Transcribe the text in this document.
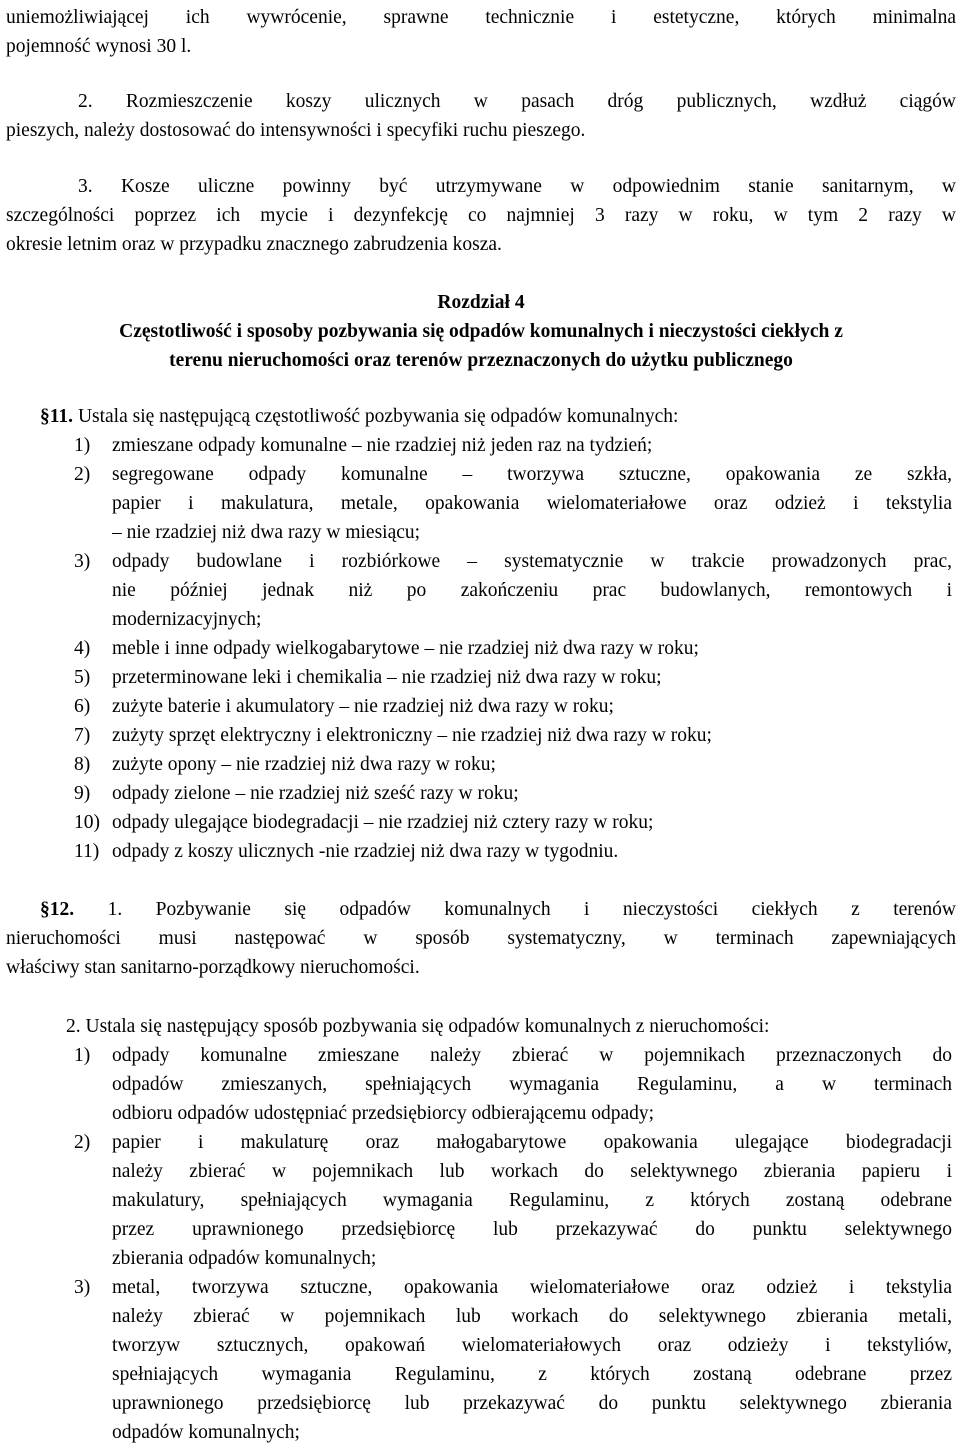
uniemożliwiającej ich wywrócenie, sprawne technicznie i estetyczne, których minimalna
pojemność wynosi 30 l.
2. Rozmieszczenie koszy ulicznych w pasach dróg publicznych, wzdłuż ciągów
pieszych, należy dostosować do intensywności i specyfiki ruchu pieszego.
3. Kosze uliczne powinny być utrzymywane w odpowiednim stanie sanitarnym, w
szczególności poprzez ich mycie i dezynfekcję co najmniej 3 razy w roku, w tym 2 razy w
okresie letnim oraz w przypadku znacznego zabrudzenia kosza.
Rozdział 4
Częstotliwość i sposoby pozbywania się odpadów komunalnych i nieczystości ciekłych z
terenu nieruchomości oraz terenów przeznaczonych do użytku publicznego
§11. Ustala się następującą częstotliwość pozbywania się odpadów komunalnych:
1)	zmieszane odpady komunalne – nie rzadziej niż jeden raz na tydzień;
2)	segregowane odpady komunalne – tworzywa sztuczne, opakowania ze szkła,
papier i makulatura, metale, opakowania wielomateriałowe oraz odzież i tekstylia
– nie rzadziej niż dwa razy w miesiącu;
3)	odpady budowlane i rozbiórkowe – systematycznie w trakcie prowadzonych prac,
nie później jednak niż po zakończeniu prac budowlanych, remontowych i
modernizacyjnych;
4)	meble i inne odpady wielkogabarytowe – nie rzadziej niż dwa razy w roku;
5)	przeterminowane leki i chemikalia – nie rzadziej niż dwa razy w roku;
6)	zużyte baterie i akumulatory – nie rzadziej niż dwa razy w roku;
7)	zużyty sprzęt elektryczny i elektroniczny – nie rzadziej niż dwa razy w roku;
8)	zużyte opony – nie rzadziej niż dwa razy w roku;
9)	odpady zielone – nie rzadziej niż sześć razy w roku;
10) odpady ulegające biodegradacji – nie rzadziej niż cztery razy w roku;
11) odpady z koszy ulicznych -nie rzadziej niż dwa razy w tygodniu.
§12. 1. Pozbywanie się odpadów komunalnych i nieczystości ciekłych z terenów
nieruchomości musi następować w sposób systematyczny, w terminach zapewniających
właściwy stan sanitarno-porządkowy nieruchomości.
2. Ustala się następujący sposób pozbywania się odpadów komunalnych z nieruchomości:
1)	odpady komunalne zmieszane należy zbierać w pojemnikach przeznaczonych do
odpadów zmieszanych, spełniających wymagania Regulaminu, a w terminach
odbioru odpadów udostępniać przedsiębiorcy odbierającemu odpady;
2)	papier i makulaturę oraz małogabarytowe opakowania ulegające biodegradacji
należy zbierać w pojemnikach lub workach do selektywnego zbierania papieru i
makulatury, spełniających wymagania Regulaminu, z których zostaną odebrane
przez uprawnionego przedsiębiorcę lub przekazywać do punktu selektywnego
zbierania odpadów komunalnych;
3)	metal, tworzywa sztuczne, opakowania wielomateriałowe oraz odzież i tekstylia
należy zbierać w pojemnikach lub workach do selektywnego zbierania metali,
tworzyw sztucznych, opakowań wielomateriałowych oraz odzieży i tekstyliów,
spełniających wymagania Regulaminu, z których zostaną odebrane przez
uprawnionego przedsiębiorcę lub przekazywać do punktu selektywnego zbierania
odpadów komunalnych;
